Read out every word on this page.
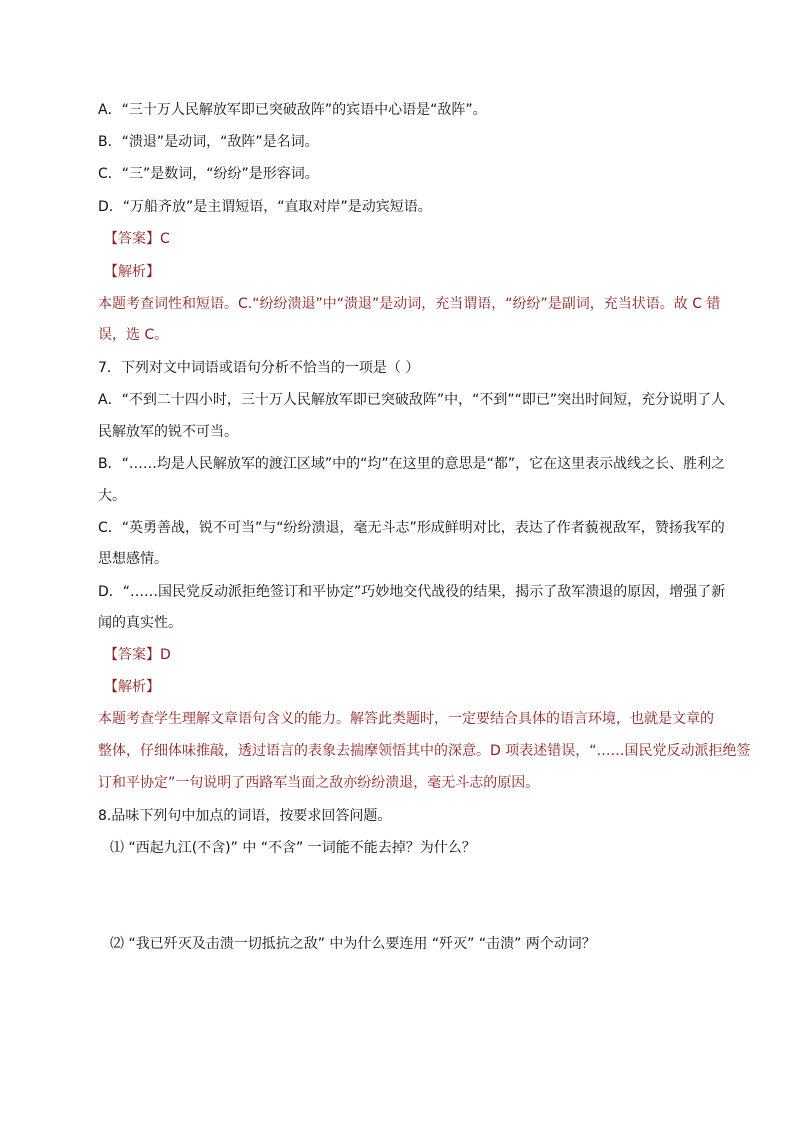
A．“三十万人民解放军即已突破敌阵”的宾语中心语是“敌阵”。
B．“溃退”是动词，“敌阵”是名词。
C．“三”是数词，“纷纷”是形容词。
D．“万船齐放”是主谓短语，“直取对岸”是动宾短语。
【答案】C
【解析】
本题考查词性和短语。C.“纷纷溃退”中“溃退”是动词，充当谓语，“纷纷”是副词，充当状语。故 C 错
误，选 C。
7．下列对文中词语或语句分析不恰当的一项是（ ）
A．“不到二十四小时，三十万人民解放军即已突破敌阵”中，“不到”“即已”突出时间短，充分说明了人
民解放军的锐不可当。
B．“……均是人民解放军的渡江区域”中的“均”在这里的意思是“都”，它在这里表示战线之长、胜利之
大。
C．“英勇善战，锐不可当”与“纷纷溃退，毫无斗志”形成鲜明对比，表达了作者藐视敌军，赞扬我军的
思想感情。
D．“……国民党反动派拒绝签订和平协定”巧妙地交代战役的结果，揭示了敌军溃退的原因，增强了新
闻的真实性。
【答案】D
【解析】
本题考查学生理解文章语句含义的能力。解答此类题时，一定要结合具体的语言环境，也就是文章的
整体，仔细体味推敲，透过语言的表象去揣摩领悟其中的深意。D 项表述错误，“……国民党反动派拒绝签
订和平协定”一句说明了西路军当面之敌亦纷纷溃退，毫无斗志的原因。
8.品味下列句中加点的词语，按要求回答问题。
⑴ “西起九江(不含)” 中 “不含” 一词能不能去掉？为什么？
⑵ “我已歼灭及击溃一切抵抗之敌” 中为什么要连用 “歼灭” “击溃” 两个动词？
